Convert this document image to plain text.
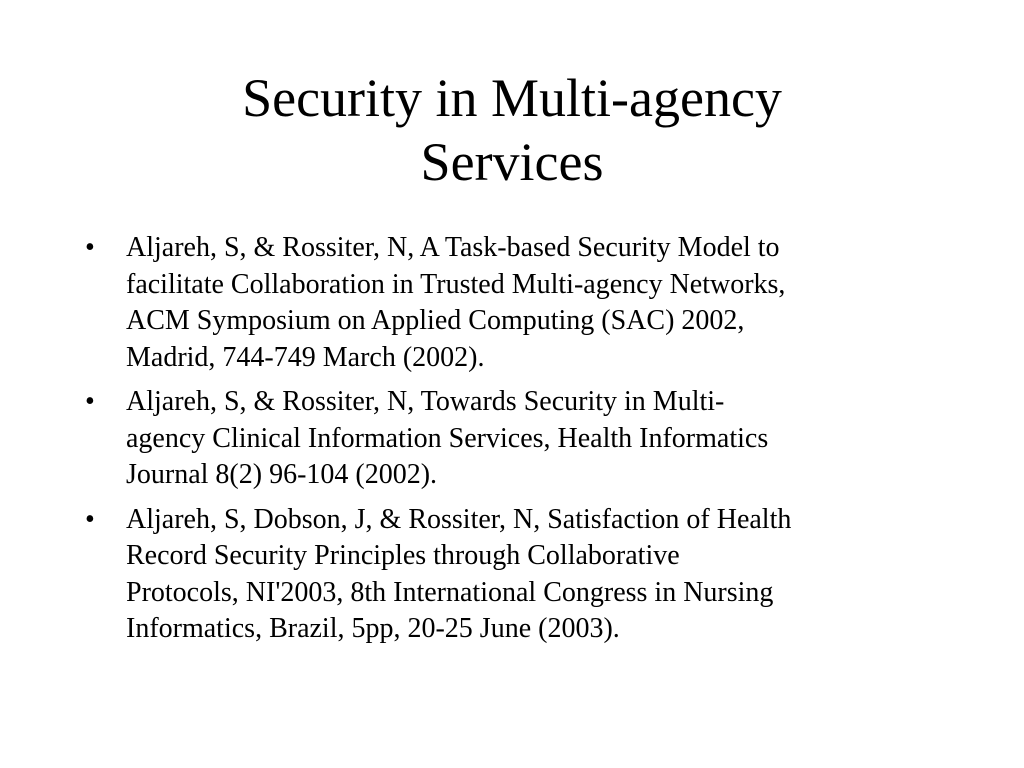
Security in Multi-agency
Services
•	Aljareh, S, & Rossiter, N, A Task-based Security Model to
facilitate Collaboration in Trusted Multi-agency Networks,
ACM Symposium on Applied Computing (SAC) 2002,
Madrid, 744-749 March (2002).
•	Aljareh, S, & Rossiter, N, Towards Security in Multi-
agency Clinical Information Services, Health Informatics
Journal 8(2) 96-104 (2002).
•	Aljareh, S, Dobson, J, & Rossiter, N, Satisfaction of Health
Record Security Principles through Collaborative
Protocols, NI'2003, 8th International Congress in Nursing
Informatics, Brazil, 5pp, 20-25 June (2003).
